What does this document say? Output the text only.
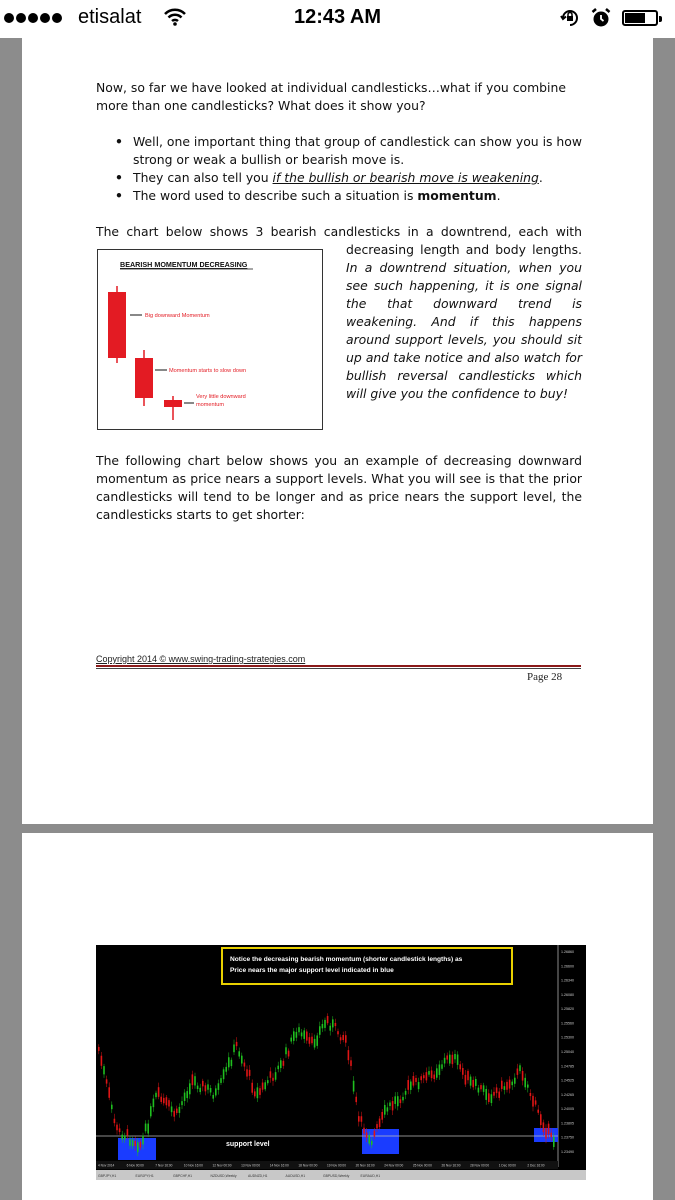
etisalat	12:43 AM
Now, so far we have looked at individual candlesticks…what if you combine more than one candlesticks? What does it show you?
• Well, one important thing that group of candlestick can show you is how strong or weak a bullish or bearish move is.
• They can also tell you if the bullish or bearish move is weakening.
• The word used to describe such a situation is momentum.
The chart below shows 3 bearish candlesticks in a downtrend, each with
decreasing length and body lengths. In a downtrend situation, when you see such happening, it is one signal the that downward trend is weakening. And if this happens around support levels, you should sit up and take notice and also watch for bullish reversal candlesticks which will give you the confidence to buy!
BEARISH MOMENTUM DECREASING
Big downward Momentum
Momentum starts to slow down
Very little downward
momentum
The following chart below shows you an example of decreasing downward momentum as price nears a support levels. What you will see is that the prior candlesticks will tend to be longer and as price nears the support level, the candlesticks starts to get shorter:
Copyright 2014 © www.swing-trading-strategies.com
Page 28
Notice the decreasing bearish momentum (shorter candlestick lengths) as
Price nears the major support level indicated in blue
support level
1.26860
1.26600
1.26340
1.26080
1.25820
1.25560
1.25300
1.25040
1.24785
1.24525
1.24265
1.24005
1.23805
1.23750
1.23490
4 Nov 2014	6 Nov 00:00	7 Nov 16:00	10 Nov 16:00	12 Nov 00:00	13 Nov 00:00	14 Nov 16:00	18 Nov 00:00	19 Nov 00:00	20 Nov 16:00	24 Nov 00:00	25 Nov 00:00	26 Nov 16:00	28 Nov 00:00	1 Dec 00:00	2 Dec 16:00
GBPJPY,H1	EURJPY,H1	GBPCHF,H1	NZDUSD,Weekly	AUDNZD,H1	AUDUSD,H1	GBPUSD,Weekly	EURAUD,H1
